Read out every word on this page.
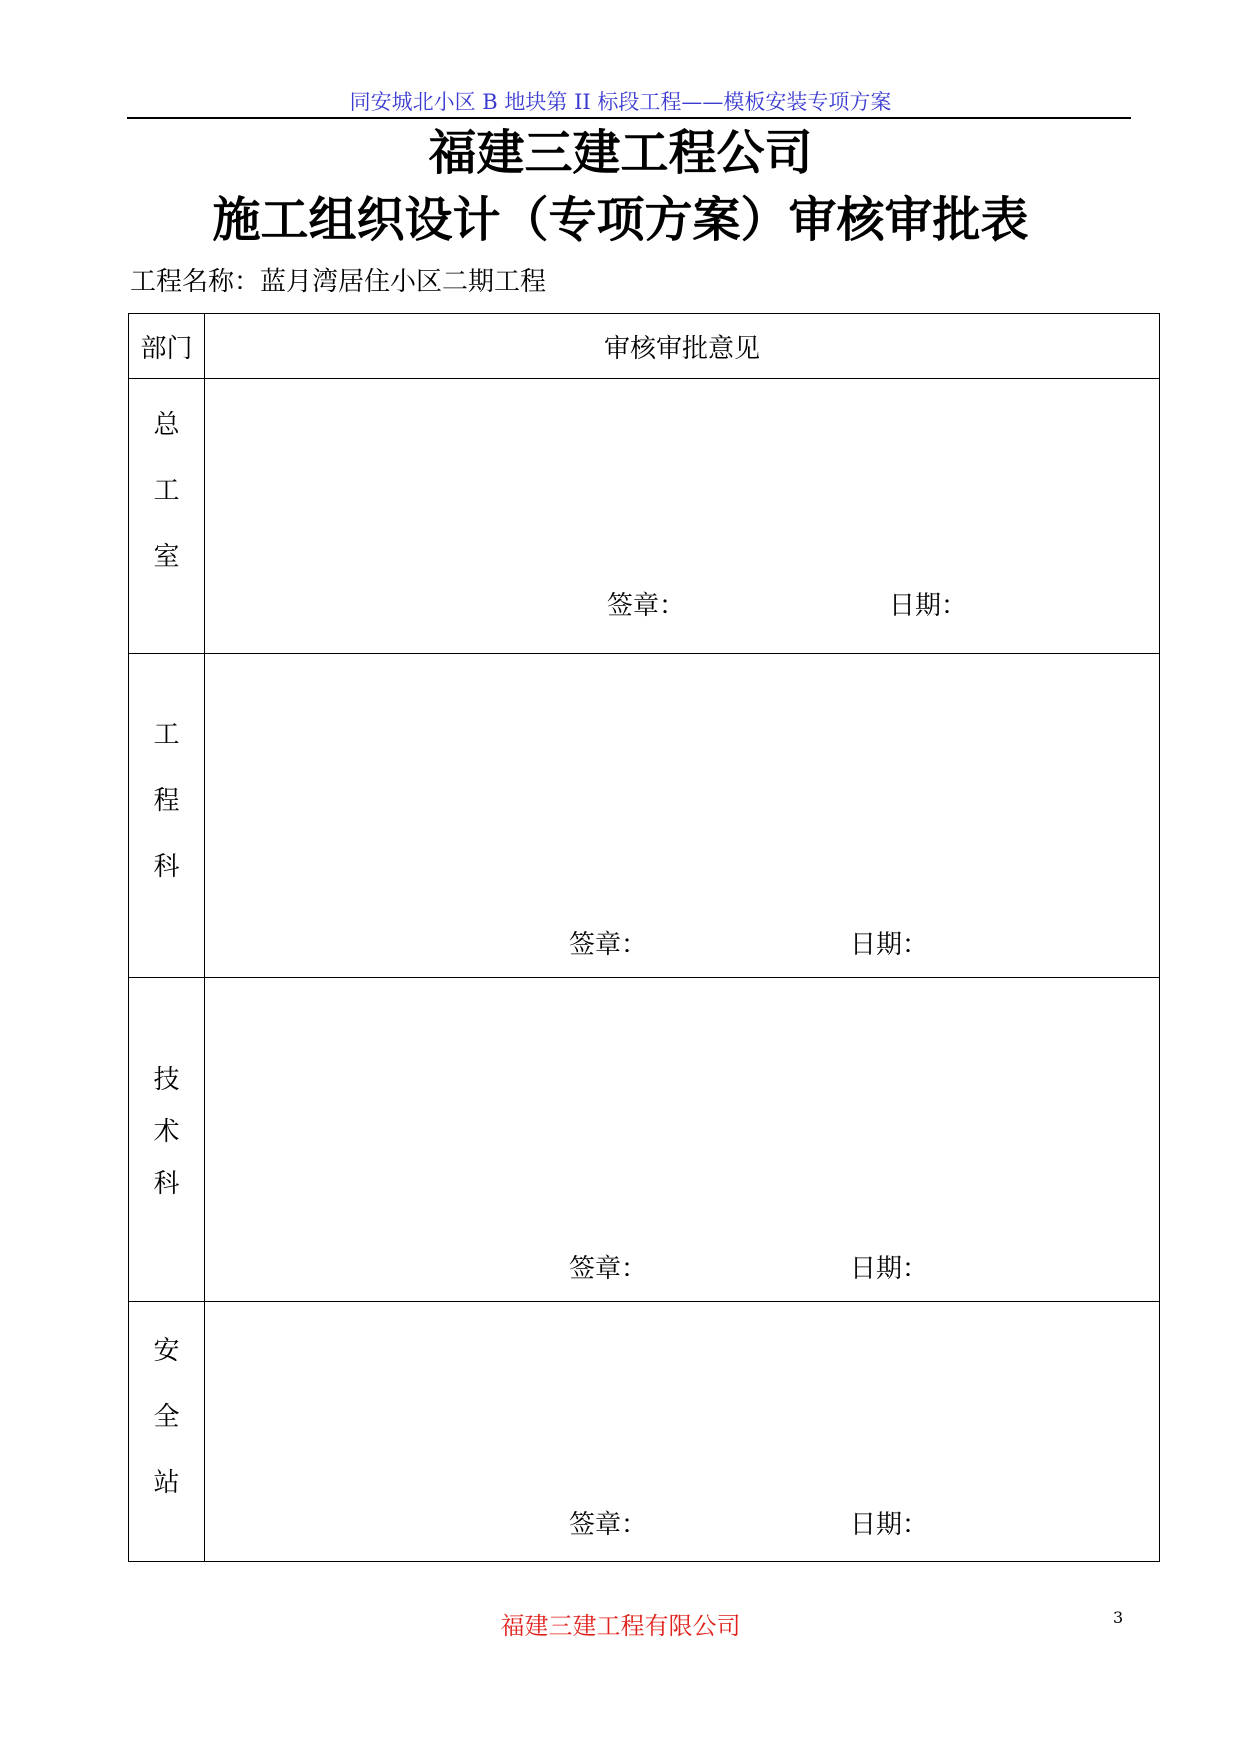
同安城北小区 B 地块第 II 标段工程——模板安装专项方案
福建三建工程公司
施工组织设计（专项方案）审核审批表
工程名称：蓝月湾居住小区二期工程
部门	审核审批意见

总
工
室	签章： 日期：

工
程
科	签章： 日期：

技
术
科	签章： 日期：

安
全
站	签章： 日期：
福建三建工程有限公司	3
